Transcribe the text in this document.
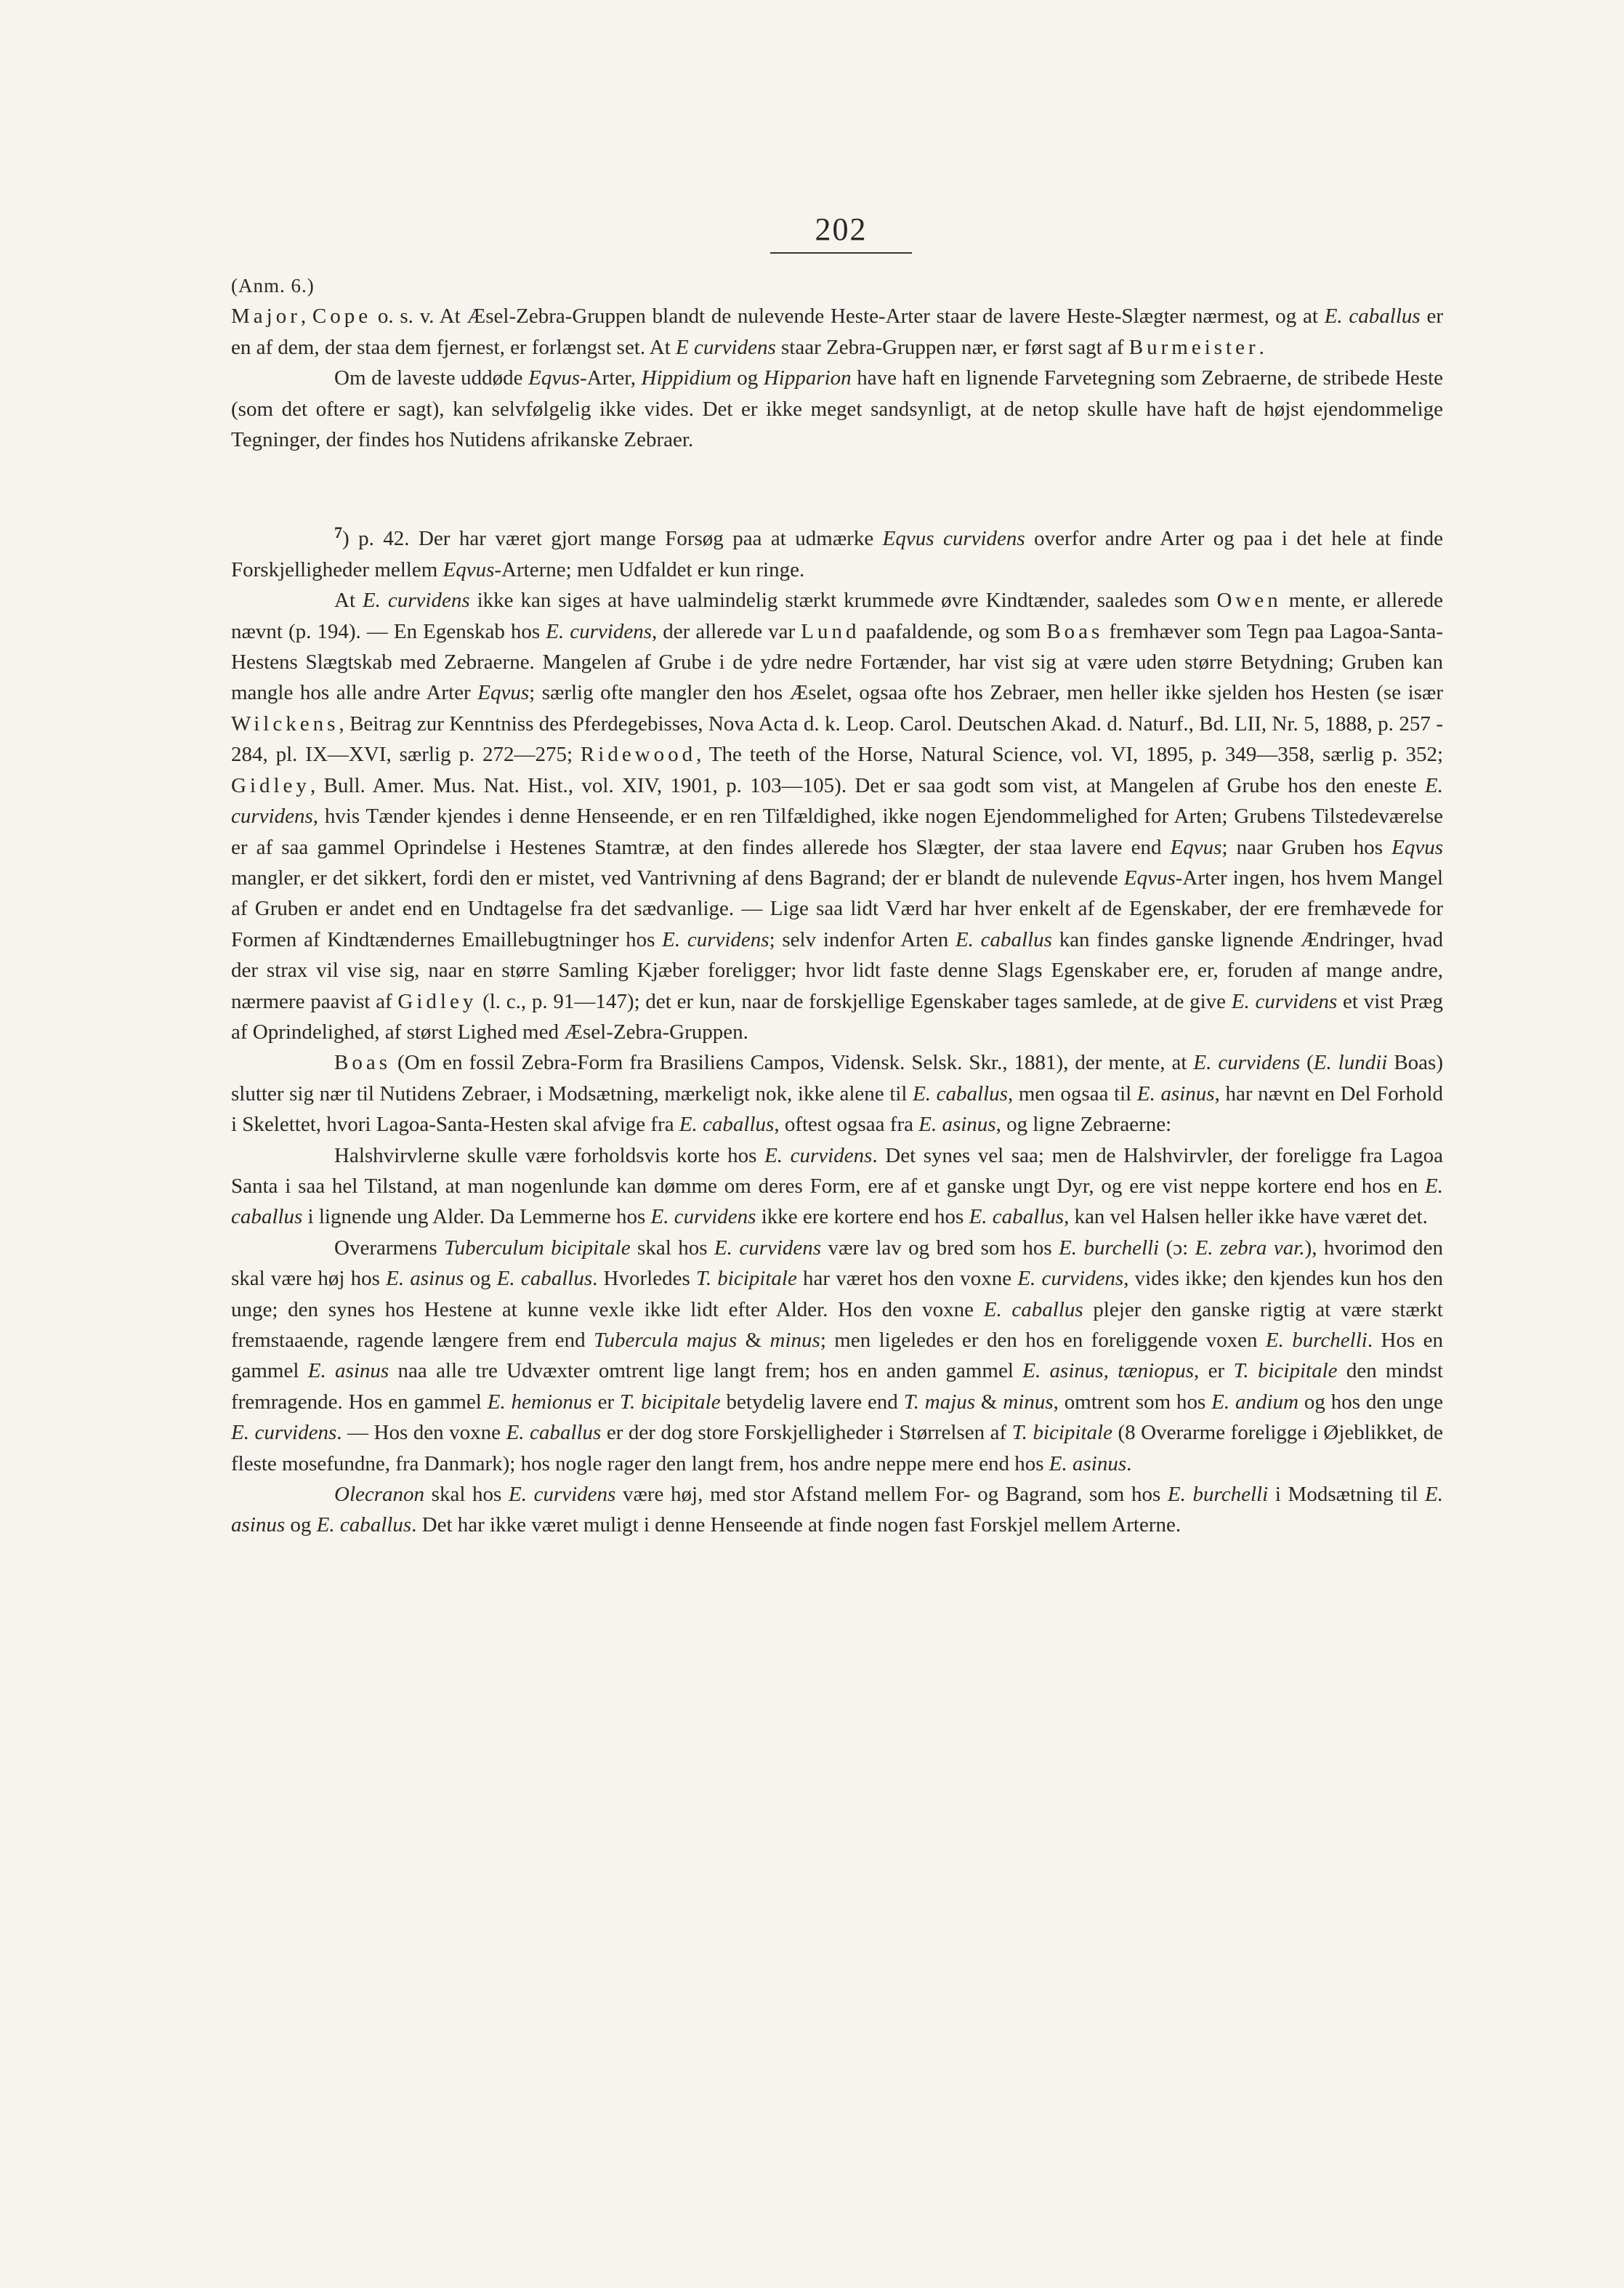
202

(Anm. 6.)

Major, Cope o. s. v. At Æsel-Zebra-Gruppen blandt de nulevende Heste-Arter staar de lavere Heste-Slægter nærmest, og at E. caballus er en af dem, der staa dem fjernest, er forlængst set. At E curvidens staar Zebra-Gruppen nær, er først sagt af Burmeister.

Om de laveste uddøde Eqvus-Arter, Hippidium og Hipparion have haft en lignende Farvetegning som Zebraerne, de stribede Heste (som det oftere er sagt), kan selvfølgelig ikke vides. Det er ikke meget sandsynligt, at de netop skulle have haft de højst ejendommelige Tegninger, der findes hos Nutidens afrikanske Zebraer.

$^7$) p. 42. Der har været gjort mange Forsøg paa at udmærke Eqvus curvidens overfor andre Arter og paa i det hele at finde Forskjelligheder mellem Eqvus-Arterne; men Udfaldet er kun ringe.

At E. curvidens ikke kan siges at have ualmindelig stærkt krummede øvre Kindtænder, saaledes som Owen mente, er allerede nævnt (p. 194). — En Egenskab hos E. curvidens, der allerede var Lund paafaldende, og som Boas fremhæver som Tegn paa Lagoa-Santa-Hestens Slægtskab med Zebraerne. Mangelen af Grube i de ydre nedre Fortænder, har vist sig at være uden større Betydning; Gruben kan mangle hos alle andre Arter Eqvus; særlig ofte mangler den hos Æselet, ogsaa ofte hos Zebraer, men heller ikke sjelden hos Hesten (se især Wilckens, Beitrag zur Kenntniss des Pferdegebisses, Nova Acta d. k. Leop. Carol. Deutschen Akad. d. Naturf., Bd. LII, Nr. 5, 1888, p. 257 - 284, pl. IX—XVI, særlig p. 272—275; Ridewood, The teeth of the Horse, Natural Science, vol. VI, 1895, p. 349—358, særlig p. 352; Gidley, Bull. Amer. Mus. Nat. Hist., vol. XIV, 1901, p. 103—105). Det er saa godt som vist, at Mangelen af Grube hos den eneste E. curvidens, hvis Tænder kjendes i denne Henseende, er en ren Tilfældighed, ikke nogen Ejendommelighed for Arten; Grubens Tilstedeværelse er af saa gammel Oprindelse i Hestenes Stamtræ, at den findes allerede hos Slægter, der staa lavere end Eqvus; naar Gruben hos Eqvus mangler, er det sikkert, fordi den er mistet, ved Vantrivning af dens Bagrand; der er blandt de nulevende Eqvus-Arter ingen, hos hvem Mangel af Gruben er andet end en Undtagelse fra det sædvanlige. — Lige saa lidt Værd har hver enkelt af de Egenskaber, der ere fremhævede for Formen af Kindtændernes Emaillebugtninger hos E. curvidens; selv indenfor Arten E. caballus kan findes ganske lignende Ændringer, hvad der strax vil vise sig, naar en større Samling Kjæber foreligger; hvor lidt faste denne Slags Egenskaber ere, er, foruden af mange andre, nærmere paavist af Gidley (l. c., p. 91—147); det er kun, naar de forskjellige Egenskaber tages samlede, at de give E. curvidens et vist Præg af Oprindelighed, af størst Lighed med Æsel-Zebra-Gruppen.

Boas (Om en fossil Zebra-Form fra Brasiliens Campos, Vidensk. Selsk. Skr., 1881), der mente, at E. curvidens (E. lundii Boas) slutter sig nær til Nutidens Zebraer, i Modsætning, mærkeligt nok, ikke alene til E. caballus, men ogsaa til E. asinus, har nævnt en Del Forhold i Skelettet, hvori Lagoa-Santa-Hesten skal afvige fra E. caballus, oftest ogsaa fra E. asinus, og ligne Zebraerne:

Halshvirvlerne skulle være forholdsvis korte hos E. curvidens. Det synes vel saa; men de Halshvirvler, der foreligge fra Lagoa Santa i saa hel Tilstand, at man nogenlunde kan dømme om deres Form, ere af et ganske ungt Dyr, og ere vist neppe kortere end hos en E. caballus i lignende ung Alder. Da Lemmerne hos E. curvidens ikke ere kortere end hos E. caballus, kan vel Halsen heller ikke have været det.

Overarmens Tuberculum bicipitale skal hos E. curvidens være lav og bred som hos E. burchelli (ɔ: E. zebra var.), hvorimod den skal være høj hos E. asinus og E. caballus. Hvorledes T. bicipitale har været hos den voxne E. curvidens, vides ikke; den kjendes kun hos den unge; den synes hos Hestene at kunne vexle ikke lidt efter Alder. Hos den voxne E. caballus plejer den ganske rigtig at være stærkt fremstaaende, ragende længere frem end Tubercula majus & minus; men ligeledes er den hos en foreliggende voxen E. burchelli. Hos en gammel E. asinus naa alle tre Udvæxter omtrent lige langt frem; hos en anden gammel E. asinus, tæniopus, er T. bicipitale den mindst fremragende. Hos en gammel E. hemionus er T. bicipitale betydelig lavere end T. majus & minus, omtrent som hos E. andium og hos den unge E. curvidens. — Hos den voxne E. caballus er der dog store Forskjelligheder i Størrelsen af T. bicipitale (8 Overarme foreligge i Øjeblikket, de fleste mosefundne, fra Danmark); hos nogle rager den langt frem, hos andre neppe mere end hos E. asinus.

Olecranon skal hos E. curvidens være høj, med stor Afstand mellem For- og Bagrand, som hos E. burchelli i Modsætning til E. asinus og E. caballus. Det har ikke været muligt i denne Henseende at finde nogen fast Forskjel mellem Arterne.
